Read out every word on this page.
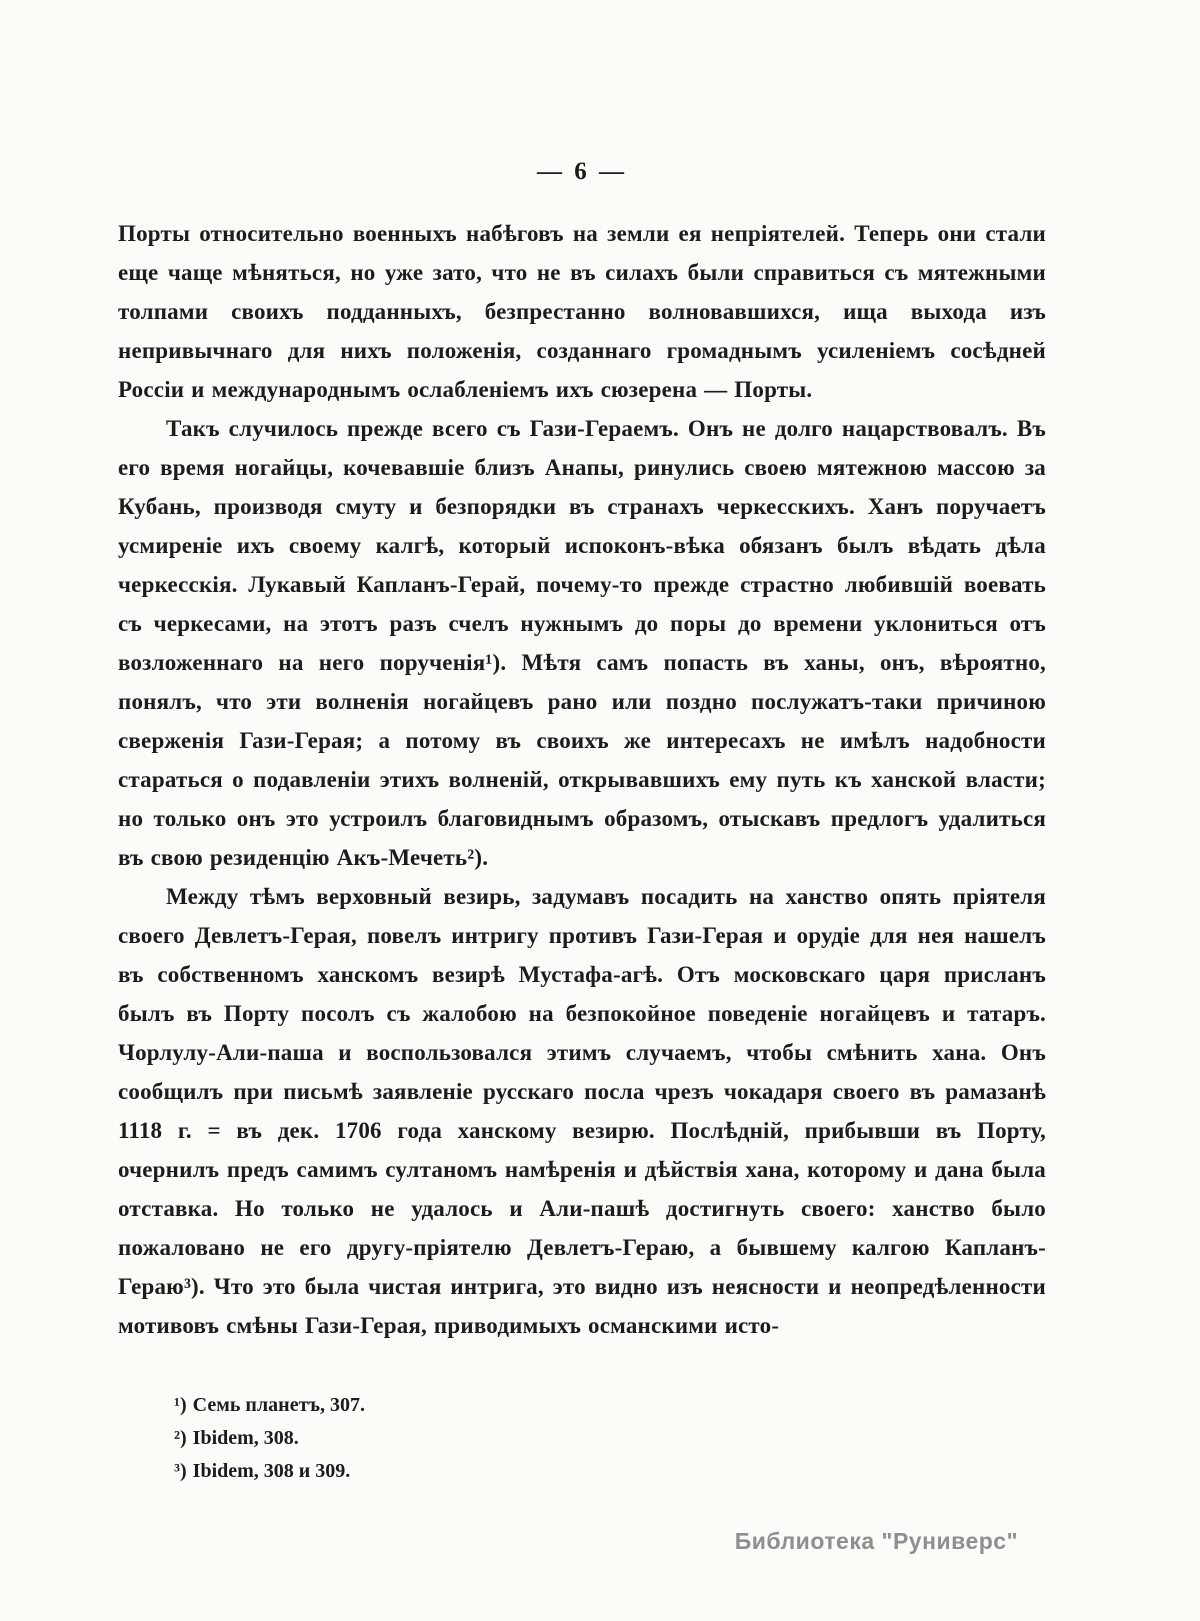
— 6 —

Порты относительно военныхъ набѣговъ на земли ея непріятелей. Теперь они стали еще чаще мѣняться, но уже зато, что не въ силахъ были справиться съ мятежными толпами своихъ подданныхъ, безпрестанно волновавшихся, ища выхода изъ непривычнаго для нихъ положенія, созданнаго громаднымъ усиленіемъ сосѣдней Россіи и международнымъ ослабленіемъ ихъ сюзерена — Порты.

Такъ случилось прежде всего съ Гази-Гераемъ. Онъ не долго нацарствовалъ. Въ его время ногайцы, кочевавшіе близъ Анапы, ринулись своею мятежною массою за Кубань, производя смуту и безпорядки въ странахъ черкесскихъ. Ханъ поручаетъ усмиреніе ихъ своему калгѣ, который испоконъ-вѣка обязанъ былъ вѣдать дѣла черкесскія. Лукавый Капланъ-Герай, почему-то прежде страстно любившій воевать съ черкесами, на этотъ разъ счелъ нужнымъ до поры до времени уклониться отъ возложеннаго на него порученія¹). Мѣтя самъ попасть въ ханы, онъ, вѣроятно, понялъ, что эти волненія ногайцевъ рано или поздно послужатъ-таки причиною сверженія Гази-Герая; а потому въ своихъ же интересахъ не имѣлъ надобности стараться о подавленіи этихъ волненій, открывавшихъ ему путь къ ханской власти; но только онъ это устроилъ благовиднымъ образомъ, отыскавъ предлогъ удалиться въ свою резиденцію Акъ-Мечеть²).

Между тѣмъ верховный везирь, задумавъ посадить на ханство опять пріятеля своего Девлетъ-Герая, повелъ интригу противъ Гази-Герая и орудіе для нея нашелъ въ собственномъ ханскомъ везирѣ Мустафа-агѣ. Отъ московскаго царя присланъ былъ въ Порту посолъ съ жалобою на безпокойное поведеніе ногайцевъ и татаръ. Чорлулу-Али-паша и воспользовался этимъ случаемъ, чтобы смѣнить хана. Онъ сообщилъ при письмѣ заявленіе русскаго посла чрезъ чокадаря своего въ рамазанѣ 1118 г. = въ дек. 1706 года ханскому везирю. Послѣдній, прибывши въ Порту, очернилъ предъ самимъ султаномъ намѣренія и дѣйствія хана, которому и дана была отставка. Но только не удалось и Али-пашѣ достигнуть своего: ханство было пожаловано не его другу-пріятелю Девлетъ-Гераю, а бывшему калгою Капланъ-Гераю³). Что это была чистая интрига, это видно изъ неясности и неопредѣленности мотивовъ смѣны Гази-Герая, приводимыхъ османскими исто-

¹) Семь планетъ, 307.
²) Ibidem, 308.
³) Ibidem, 308 и 309.
Библиотека "Руниверс"
